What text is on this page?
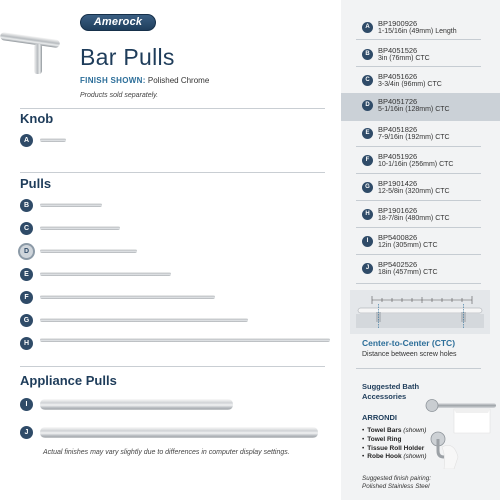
Amerock
Bar Pulls
FINISH SHOWN: Polished Chrome
Products sold separately.
Knob
A
Pulls
B
C
D
E
F
G
H
Appliance Pulls
I
J
Actual finishes may vary slightly due to differences in computer display settings.
A	BP1900926
1-15/16in (49mm) Length
B	BP4051526
3in (76mm) CTC
C	BP4051626
3-3/4in (96mm) CTC
D	BP4051726
5-1/16in (128mm) CTC
E	BP4051826
7-9/16in (192mm) CTC
F	BP4051926
10-1/16in (256mm) CTC
G	BP1901426
12-5/8in (320mm) CTC
H	BP1901626
18-7/8in (480mm) CTC
I	BP5400826
12in (305mm) CTC
J	BP5402526
18in (457mm) CTC
Center-to-Center (CTC)
Distance between screw holes
Suggested Bath Accessories
ARRONDI
• Towel Bars (shown)
• Towel Ring
• Tissue Roll Holder
• Robe Hook (shown)
Suggested finish pairing:
Polished Stainless Steel
